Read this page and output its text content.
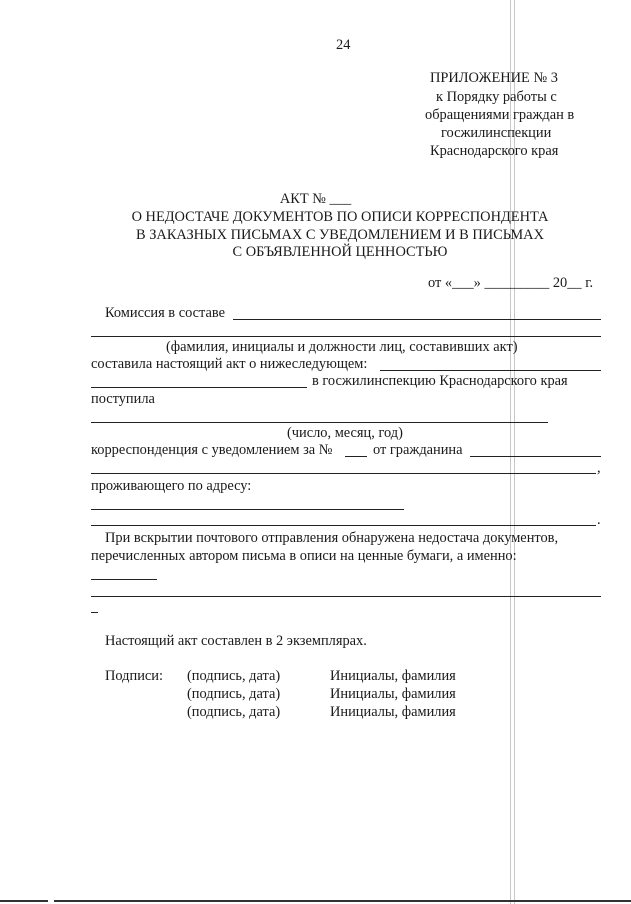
24
ПРИЛОЖЕНИЕ № 3
к Порядку работы с
обращениями граждан в
госжилинспекции
Краснодарского края
АКТ № ___
О НЕДОСТАЧЕ ДОКУМЕНТОВ ПО ОПИСИ КОРРЕСПОНДЕНТА
В ЗАКАЗНЫХ ПИСЬМАХ С УВЕДОМЛЕНИЕМ И В ПИСЬМАХ
С ОБЪЯВЛЕННОЙ ЦЕННОСТЬЮ
от «___» _________ 20__ г.
Комиссия в составе
(фамилия, инициалы и должности лиц, составивших акт)
составила настоящий акт о нижеследующем:
в госжилинспекцию Краснодарского края
поступила
(число, месяц, год)
корреспонденция с уведомлением за №	от гражданина
,
проживающего по адресу:
.
При вскрытии почтового отправления обнаружена недостача документов,
перечисленных автором письма в описи на ценные бумаги, а именно:
Настоящий акт составлен в 2 экземплярах.
Подписи: (подпись, дата)	Инициалы, фамилия
(подпись, дата)	Инициалы, фамилия
(подпись, дата)	Инициалы, фамилия
